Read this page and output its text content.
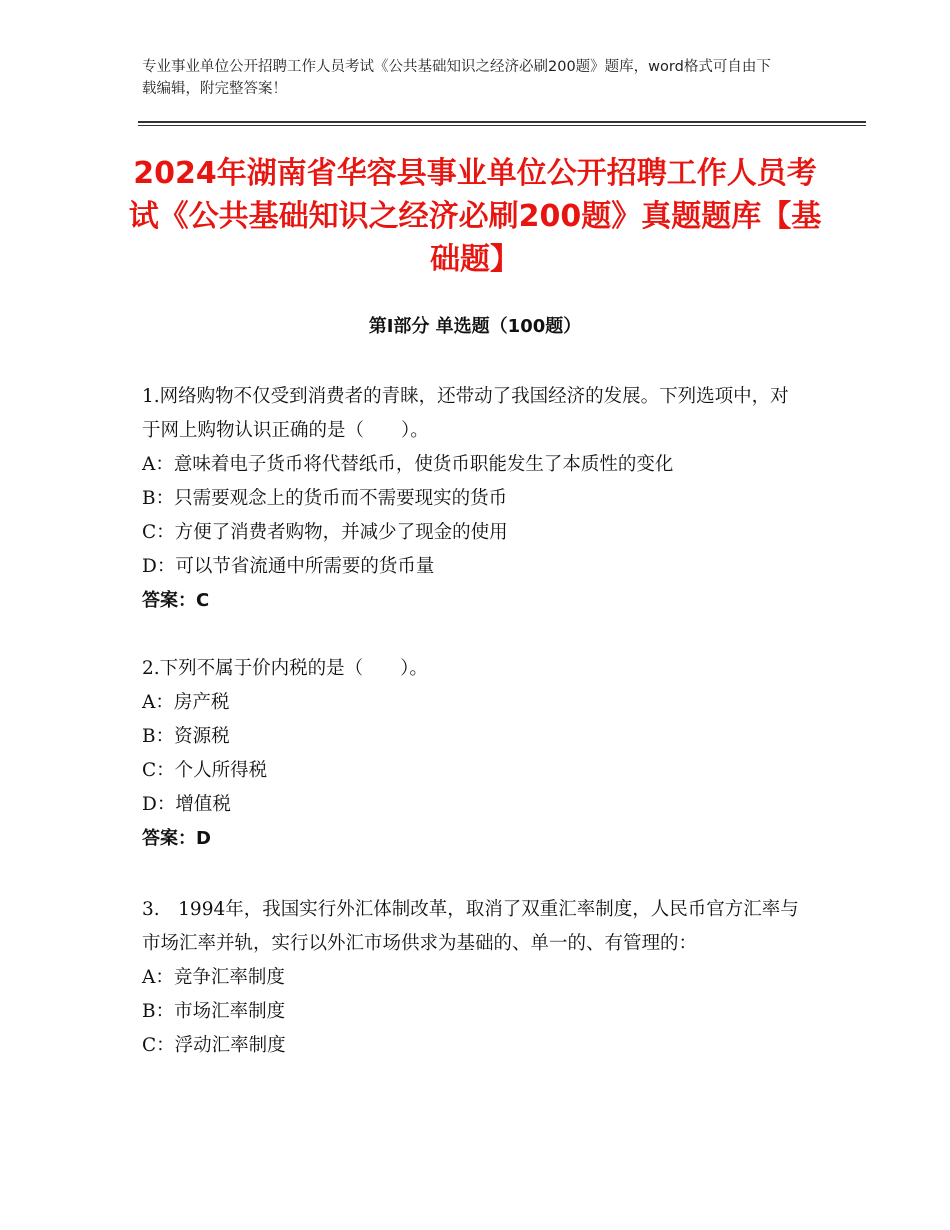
专业事业单位公开招聘工作人员考试《公共基础知识之经济必刷200题》题库，word格式可自由下载编辑，附完整答案！
2024年湖南省华容县事业单位公开招聘工作人员考试《公共基础知识之经济必刷200题》真题题库【基础题】
第Ⅰ部分 单选题（100题）

1.网络购物不仅受到消费者的青睐，还带动了我国经济的发展。下列选项中，对于网上购物认识正确的是（　　）。

A：意味着电子货币将代替纸币，使货币职能发生了本质性的变化

B：只需要观念上的货币而不需要现实的货币

C：方便了消费者购物，并减少了现金的使用

D：可以节省流通中所需要的货币量

答案：C

2.下列不属于价内税的是（　　）。

A：房产税

B：资源税

C：个人所得税

D：增值税

答案：D

3.　1994年，我国实行外汇体制改革，取消了双重汇率制度，人民币官方汇率与市场汇率并轨，实行以外汇市场供求为基础的、单一的、有管理的：

A：竞争汇率制度

B：市场汇率制度

C：浮动汇率制度
